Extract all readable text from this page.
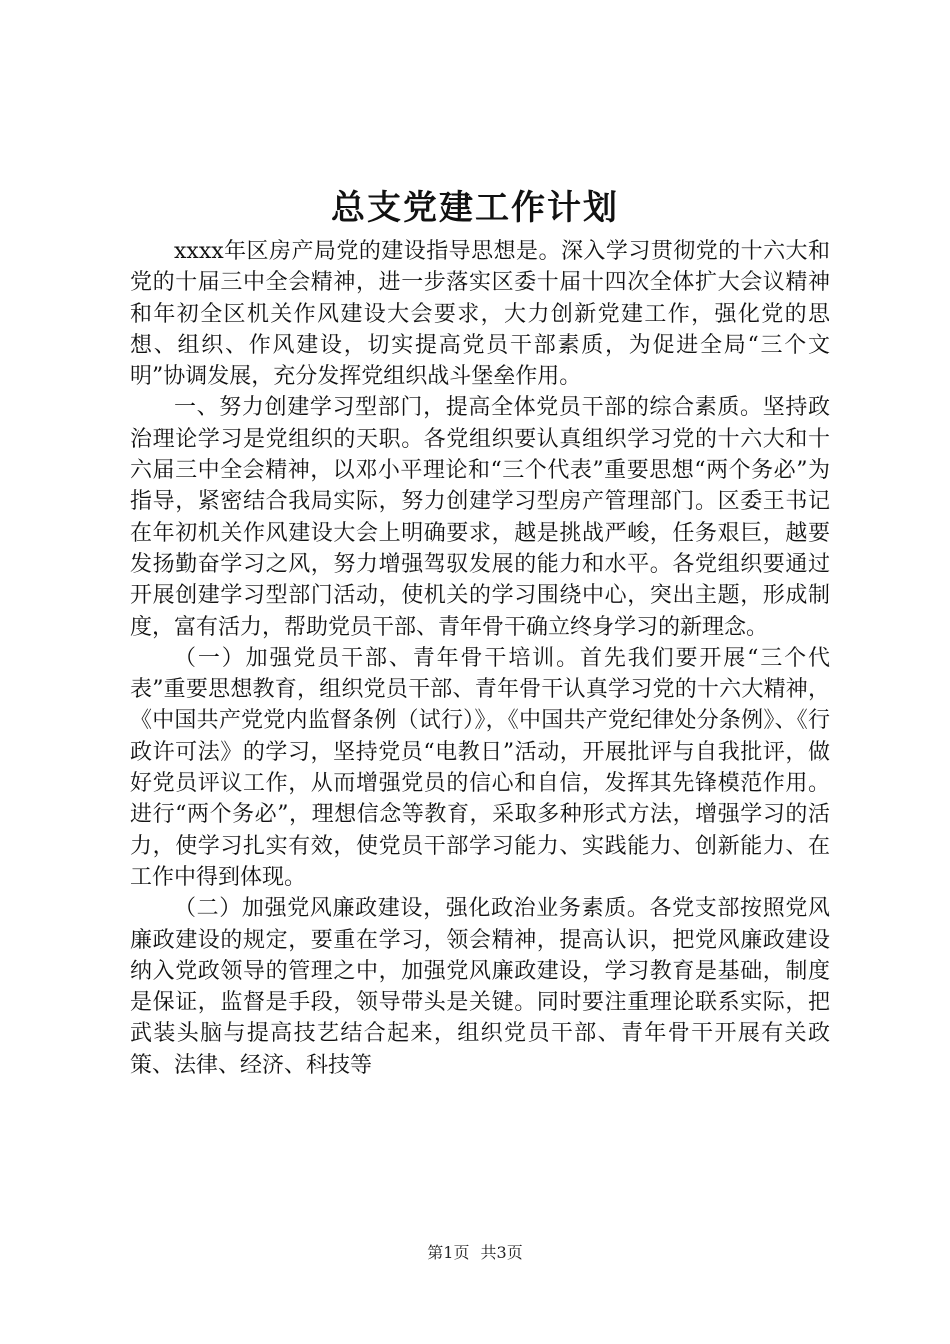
总支党建工作计划

xxxx年区房产局党的建设指导思想是。深入学习贯彻党的十六大和党的十届三中全会精神，进一步落实区委十届十四次全体扩大会议精神和年初全区机关作风建设大会要求，大力创新党建工作，强化党的思想、组织、作风建设，切实提高党员干部素质，为促进全局“三个文明”协调发展，充分发挥党组织战斗堡垒作用。

一、努力创建学习型部门，提高全体党员干部的综合素质。坚持政治理论学习是党组织的天职。各党组织要认真组织学习党的十六大和十六届三中全会精神，以邓小平理论和“三个代表”重要思想“两个务必”为指导，紧密结合我局实际，努力创建学习型房产管理部门。区委王书记在年初机关作风建设大会上明确要求，越是挑战严峻，任务艰巨，越要发扬勤奋学习之风，努力增强驾驭发展的能力和水平。各党组织要通过开展创建学习型部门活动，使机关的学习围绕中心，突出主题，形成制度，富有活力，帮助党员干部、青年骨干确立终身学习的新理念。

（一）加强党员干部、青年骨干培训。首先我们要开展“三个代表”重要思想教育，组织党员干部、青年骨干认真学习党的十六大精神，《中国共产党党内监督条例（试行）》，《中国共产党纪律处分条例》、《行政许可法》的学习，坚持党员“电教日”活动，开展批评与自我批评，做好党员评议工作，从而增强党员的信心和自信，发挥其先锋模范作用。进行“两个务必”，理想信念等教育，采取多种形式方法，增强学习的活力，使学习扎实有效，使党员干部学习能力、实践能力、创新能力、在工作中得到体现。

（二）加强党风廉政建设，强化政治业务素质。各党支部按照党风廉政建设的规定，要重在学习，领会精神，提高认识，把党风廉政建设纳入党政领导的管理之中，加强党风廉政建设，学习教育是基础，制度是保证，监督是手段，领导带头是关键。同时要注重理论联系实际，把武装头脑与提高技艺结合起来，组织党员干部、青年骨干开展有关政策、法律、经济、科技等

第1页 共3页
